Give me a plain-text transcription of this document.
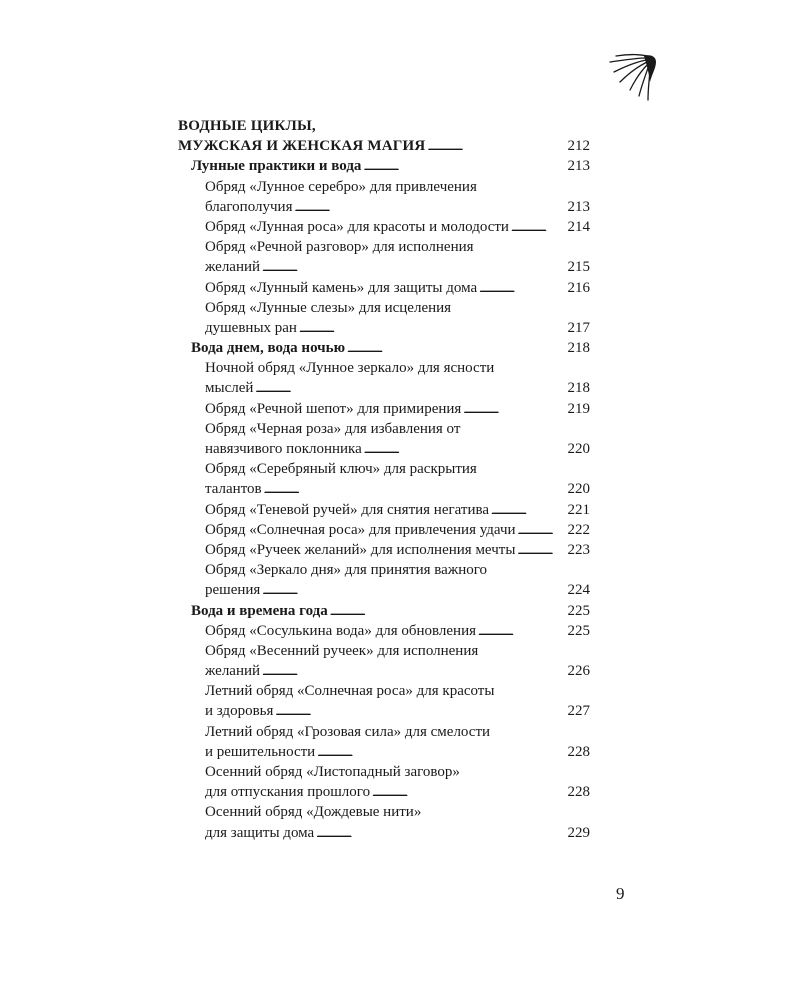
ВОДНЫЕ ЦИКЛЫ,
МУЖСКАЯ И ЖЕНСКАЯ МАГИЯ . . .	212
Лунные практики и вода . . .	213
Обряд «Лунное серебро» для привлечения
благополучия . . .	213
Обряд «Лунная роса» для красоты и молодости . . .	214
Обряд «Речной разговор» для исполнения
желаний . . .	215
Обряд «Лунный камень» для защиты дома . . .	216
Обряд «Лунные слезы» для исцеления
душевных ран . . .	217
Вода днем, вода ночью . . .	218
Ночной обряд «Лунное зеркало» для ясности
мыслей . . .	218
Обряд «Речной шепот» для примирения . . .	219
Обряд «Черная роза» для избавления от
навязчивого поклонника . . .	220
Обряд «Серебряный ключ» для раскрытия
талантов . . .	220
Обряд «Теневой ручей» для снятия негатива . . .	221
Обряд «Солнечная роса» для привлечения удачи . . .	222
Обряд «Ручеек желаний» для исполнения мечты . . .	223
Обряд «Зеркало дня» для принятия важного
решения . . .	224
Вода и времена года . . .	225
Обряд «Сосулькина вода» для обновления . . .	225
Обряд «Весенний ручеек» для исполнения
желаний . . .	226
Летний обряд «Солнечная роса» для красоты
и здоровья . . .	227
Летний обряд «Грозовая сила» для смелости
и решительности . . .	228
Осенний обряд «Листопадный заговор»
для отпускания прошлого . . .	228
Осенний обряд «Дождевые нити»
для защиты дома . . .	229
9
